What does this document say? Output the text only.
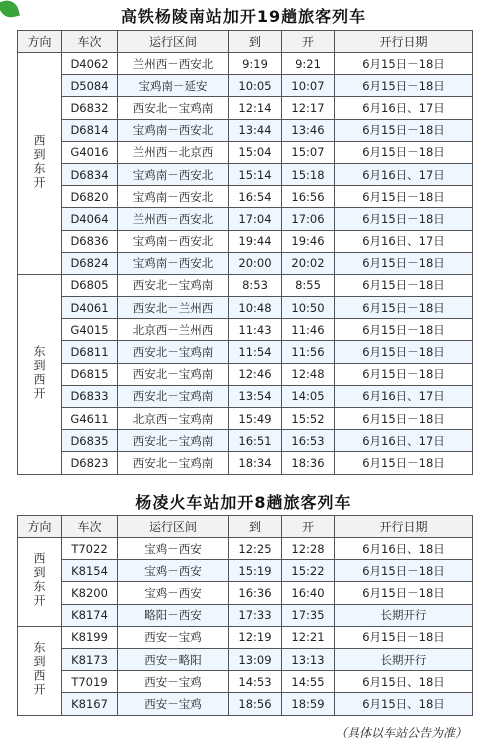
高铁杨陵南站加开19趟旅客列车
方向	车次	运行区间	到	开	开行日期
西到东开	D4062	兰州西－西安北	9:19	9:21	6月15日－18日
	D5084	宝鸡南－延安	10:05	10:07	6月15日－18日
	D6832	西安北－宝鸡南	12:14	12:17	6月16日、17日
	D6814	宝鸡南－西安北	13:44	13:46	6月15日－18日
	G4016	兰州西－北京西	15:04	15:07	6月15日－18日
	D6834	宝鸡南－西安北	15:14	15:18	6月16日、17日
	D6820	宝鸡南－西安北	16:54	16:56	6月15日－18日
	D4064	兰州西－西安北	17:04	17:06	6月15日－18日
	D6836	宝鸡南－西安北	19:44	19:46	6月16日、17日
	D6824	宝鸡南－西安北	20:00	20:02	6月15日－18日
东到西开	D6805	西安北－宝鸡南	8:53	8:55	6月15日－18日
	D4061	西安北－兰州西	10:48	10:50	6月15日－18日
	G4015	北京西－兰州西	11:43	11:46	6月15日－18日
	D6811	西安北－宝鸡南	11:54	11:56	6月15日－18日
	D6815	西安北－宝鸡南	12:46	12:48	6月15日－18日
	D6833	西安北－宝鸡南	13:54	14:05	6月16日、17日
	G4611	北京西－宝鸡南	15:49	15:52	6月15日－18日
	D6835	西安北－宝鸡南	16:51	16:53	6月16日、17日
	D6823	西安北－宝鸡南	18:34	18:36	6月15日－18日
杨凌火车站加开8趟旅客列车
方向	车次	运行区间	到	开	开行日期
西到东开	T7022	宝鸡－西安	12:25	12:28	6月16日、18日
	K8154	宝鸡－西安	15:19	15:22	6月15日－18日
	K8200	宝鸡－西安	16:36	16:40	6月15日－18日
	K8174	略阳－西安	17:33	17:35	长期开行
东到西开	K8199	西安－宝鸡	12:19	12:21	6月15日－18日
	K8173	西安－略阳	13:09	13:13	长期开行
	T7019	西安－宝鸡	14:53	14:55	6月15日、18日
	K8167	西安－宝鸡	18:56	18:59	6月15日、18日
（具体以车站公告为准）
